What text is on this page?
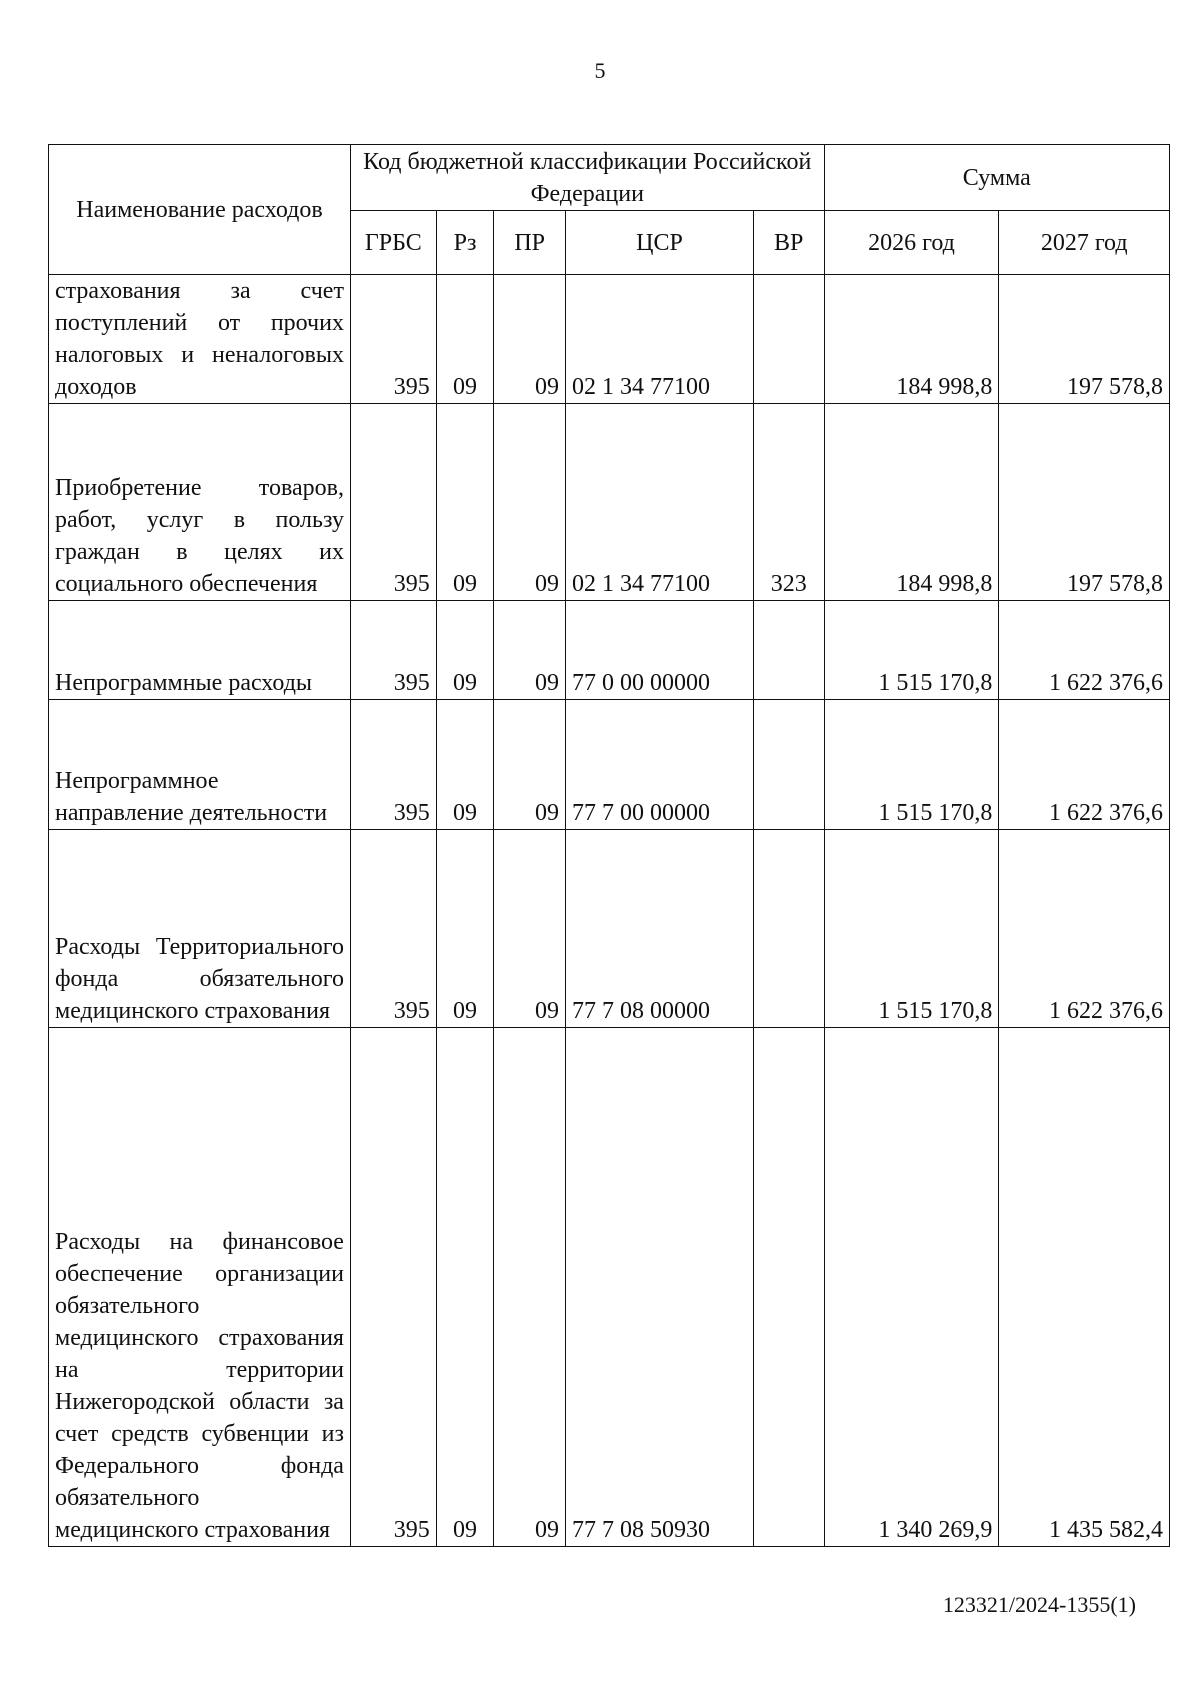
5
Наименование расходов	Код бюджетной классификации Российской Федерации					Сумма	
	ГРБС	Рз	ПР	ЦСР	ВР	2026 год	2027 год
страхования за счет поступлений от прочих налоговых и неналоговых доходов	395	09	09	02 1 34 77100		184 998,8	197 578,8
Приобретение товаров, работ, услуг в пользу граждан в целях их социального обеспечения	395	09	09	02 1 34 77100	323	184 998,8	197 578,8
Непрограммные расходы	395	09	09	77 0 00 00000		1 515 170,8	1 622 376,6
Непрограммное направление деятельности	395	09	09	77 7 00 00000		1 515 170,8	1 622 376,6
Расходы Территориального фонда обязательного медицинского страхования	395	09	09	77 7 08 00000		1 515 170,8	1 622 376,6
Расходы на финансовое обеспечение организации обязательного медицинского страхования на территории Нижегородской области за счет средств субвенции из Федерального фонда обязательного медицинского страхования	395	09	09	77 7 08 50930		1 340 269,9	1 435 582,4
123321/2024-1355(1)
